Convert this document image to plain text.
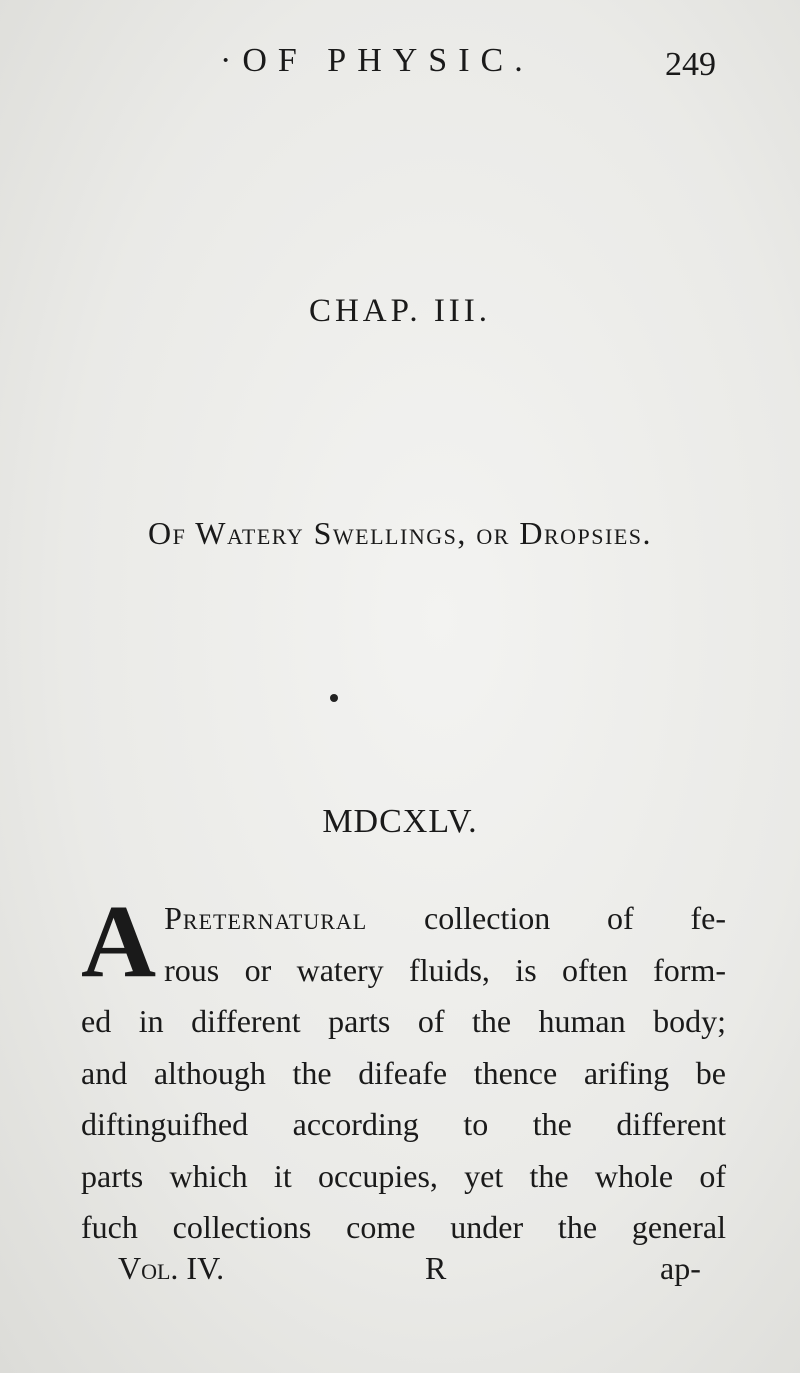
·OF PHYSIC.	249
CHAP. III.
Of Watery Swellings, or Dropsies.
MDCXLV.
A Preternatural collection of fe-
rous or watery fluids, is often form-
ed in different parts of the human body;
and although the difeafe thence arifing be
diftinguifhed according to the different
parts which it occupies, yet the whole of
fuch collections come under the general
Vol. IV.	R	ap-
